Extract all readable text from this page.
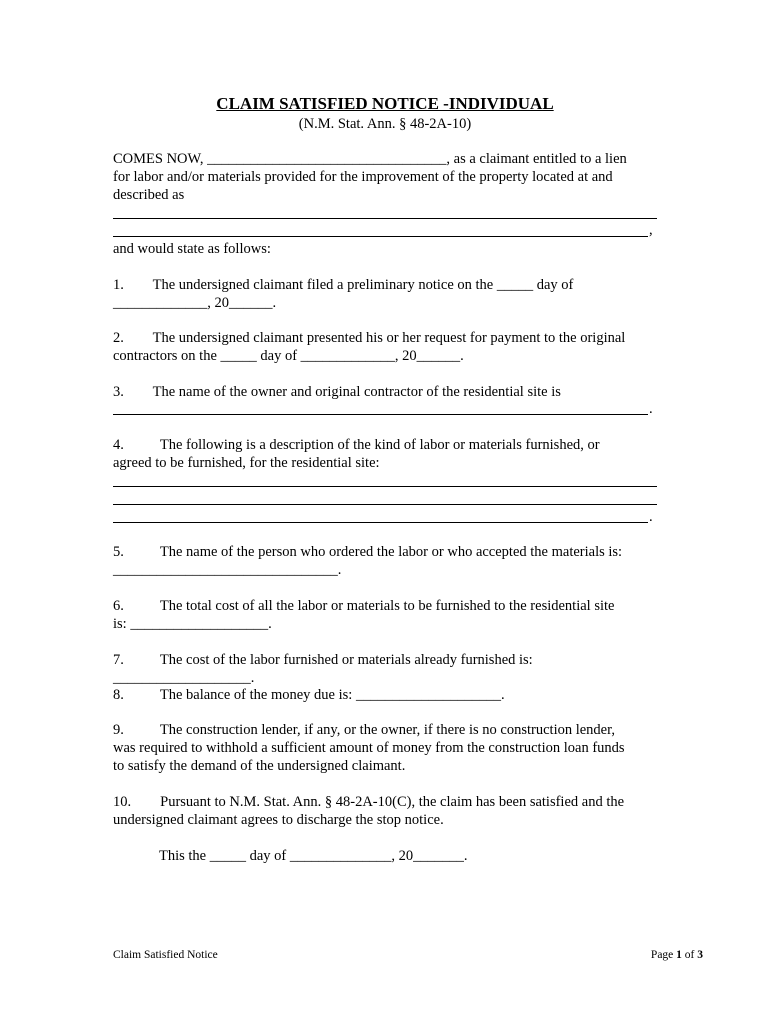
CLAIM SATISFIED NOTICE -INDIVIDUAL
(N.M. Stat. Ann. § 48-2A-10)
COMES NOW, _________________________________, as a claimant entitled to a lien
for labor and/or materials provided for the improvement of the property located at and
described as
,
and would state as follows:
1.        The undersigned claimant filed a preliminary notice on the _____ day of
_____________, 20______.
2.        The undersigned claimant presented his or her request for payment to the original
contractors on the _____ day of _____________, 20______.
3.        The name of the owner and original contractor of the residential site is
.
4.          The following is a description of the kind of labor or materials furnished, or
agreed to be furnished, for the residential site:
.
5.          The name of the person who ordered the labor or who accepted the materials is:
_______________________________.
6.          The total cost of all the labor or materials to be furnished to the residential site
is: ___________________.
7.          The cost of the labor furnished or materials already furnished is:
___________________.
8.          The balance of the money due is: ____________________.
9.          The construction lender, if any, or the owner, if there is no construction lender,
was required to withhold a sufficient amount of money from the construction loan funds
to satisfy the demand of the undersigned claimant.
10.        Pursuant to N.M. Stat. Ann. § 48-2A-10(C), the claim has been satisfied and the
undersigned claimant agrees to discharge the stop notice.
This the _____ day of ______________, 20_______.
Claim Satisfied Notice	Page 1 of 3
